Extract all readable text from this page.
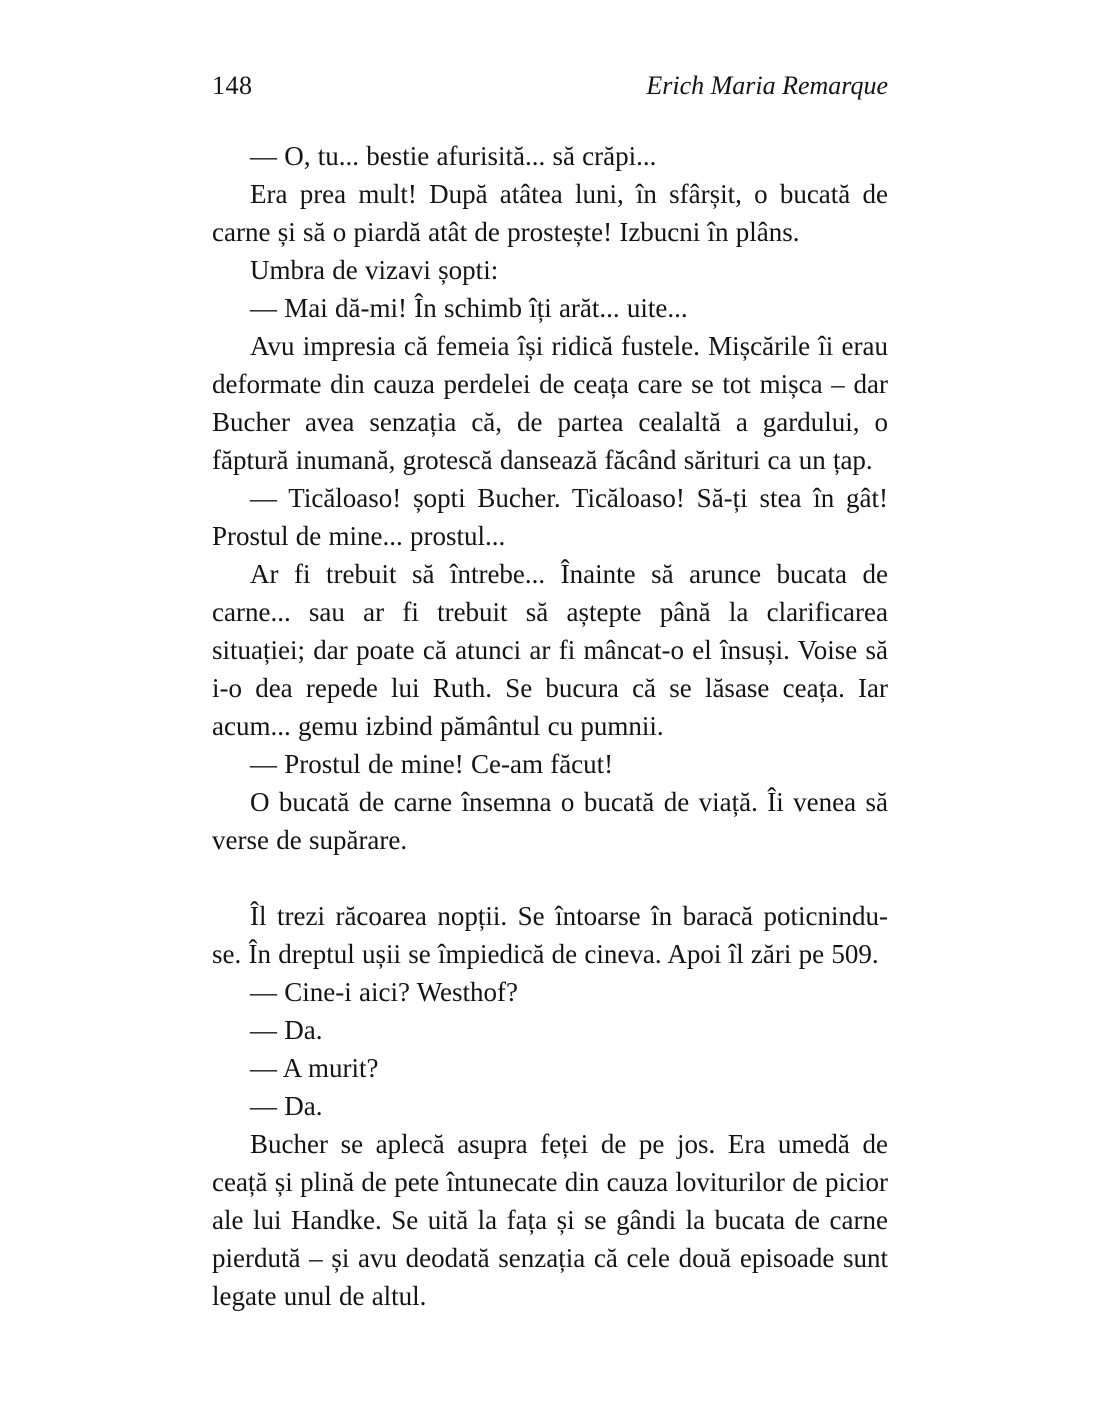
148	Erich Maria Remarque

— O, tu... bestie afurisită... să crăpi...

Era prea mult! După atâtea luni, în sfârșit, o bucată de carne și să o piardă atât de prostește! Izbucni în plâns.

Umbra de vizavi șopti:

— Mai dă-mi! În schimb îți arăt... uite...

Avu impresia că femeia își ridică fustele. Mișcările îi erau deformate din cauza perdelei de ceața care se tot mișca – dar Bucher avea senzația că, de partea cealaltă a gardului, o făptură inumană, grotescă dansează făcând sărituri ca un țap.

— Ticăloaso! șopti Bucher. Ticăloaso! Să-ți stea în gât! Prostul de mine... prostul...

Ar fi trebuit să întrebe... Înainte să arunce bucata de carne... sau ar fi trebuit să aștepte până la clarificarea situației; dar poate că atunci ar fi mâncat-o el însuși. Voise să i-o dea repede lui Ruth. Se bucura că se lăsase ceața. Iar acum... gemu izbind pământul cu pumnii.

— Prostul de mine! Ce-am făcut!

O bucată de carne însemna o bucată de viață. Îi venea să verse de supărare.

Îl trezi răcoarea nopții. Se întoarse în baracă poticnindu-se. În dreptul ușii se împiedică de cineva. Apoi îl zări pe 509.

— Cine-i aici? Westhof?

— Da.

— A murit?

— Da.

Bucher se aplecă asupra feței de pe jos. Era umedă de ceață și plină de pete întunecate din cauza loviturilor de picior ale lui Handke. Se uită la fața și se gândi la bucata de carne pierdută – și avu deodată senzația că cele două episoade sunt legate unul de altul.
